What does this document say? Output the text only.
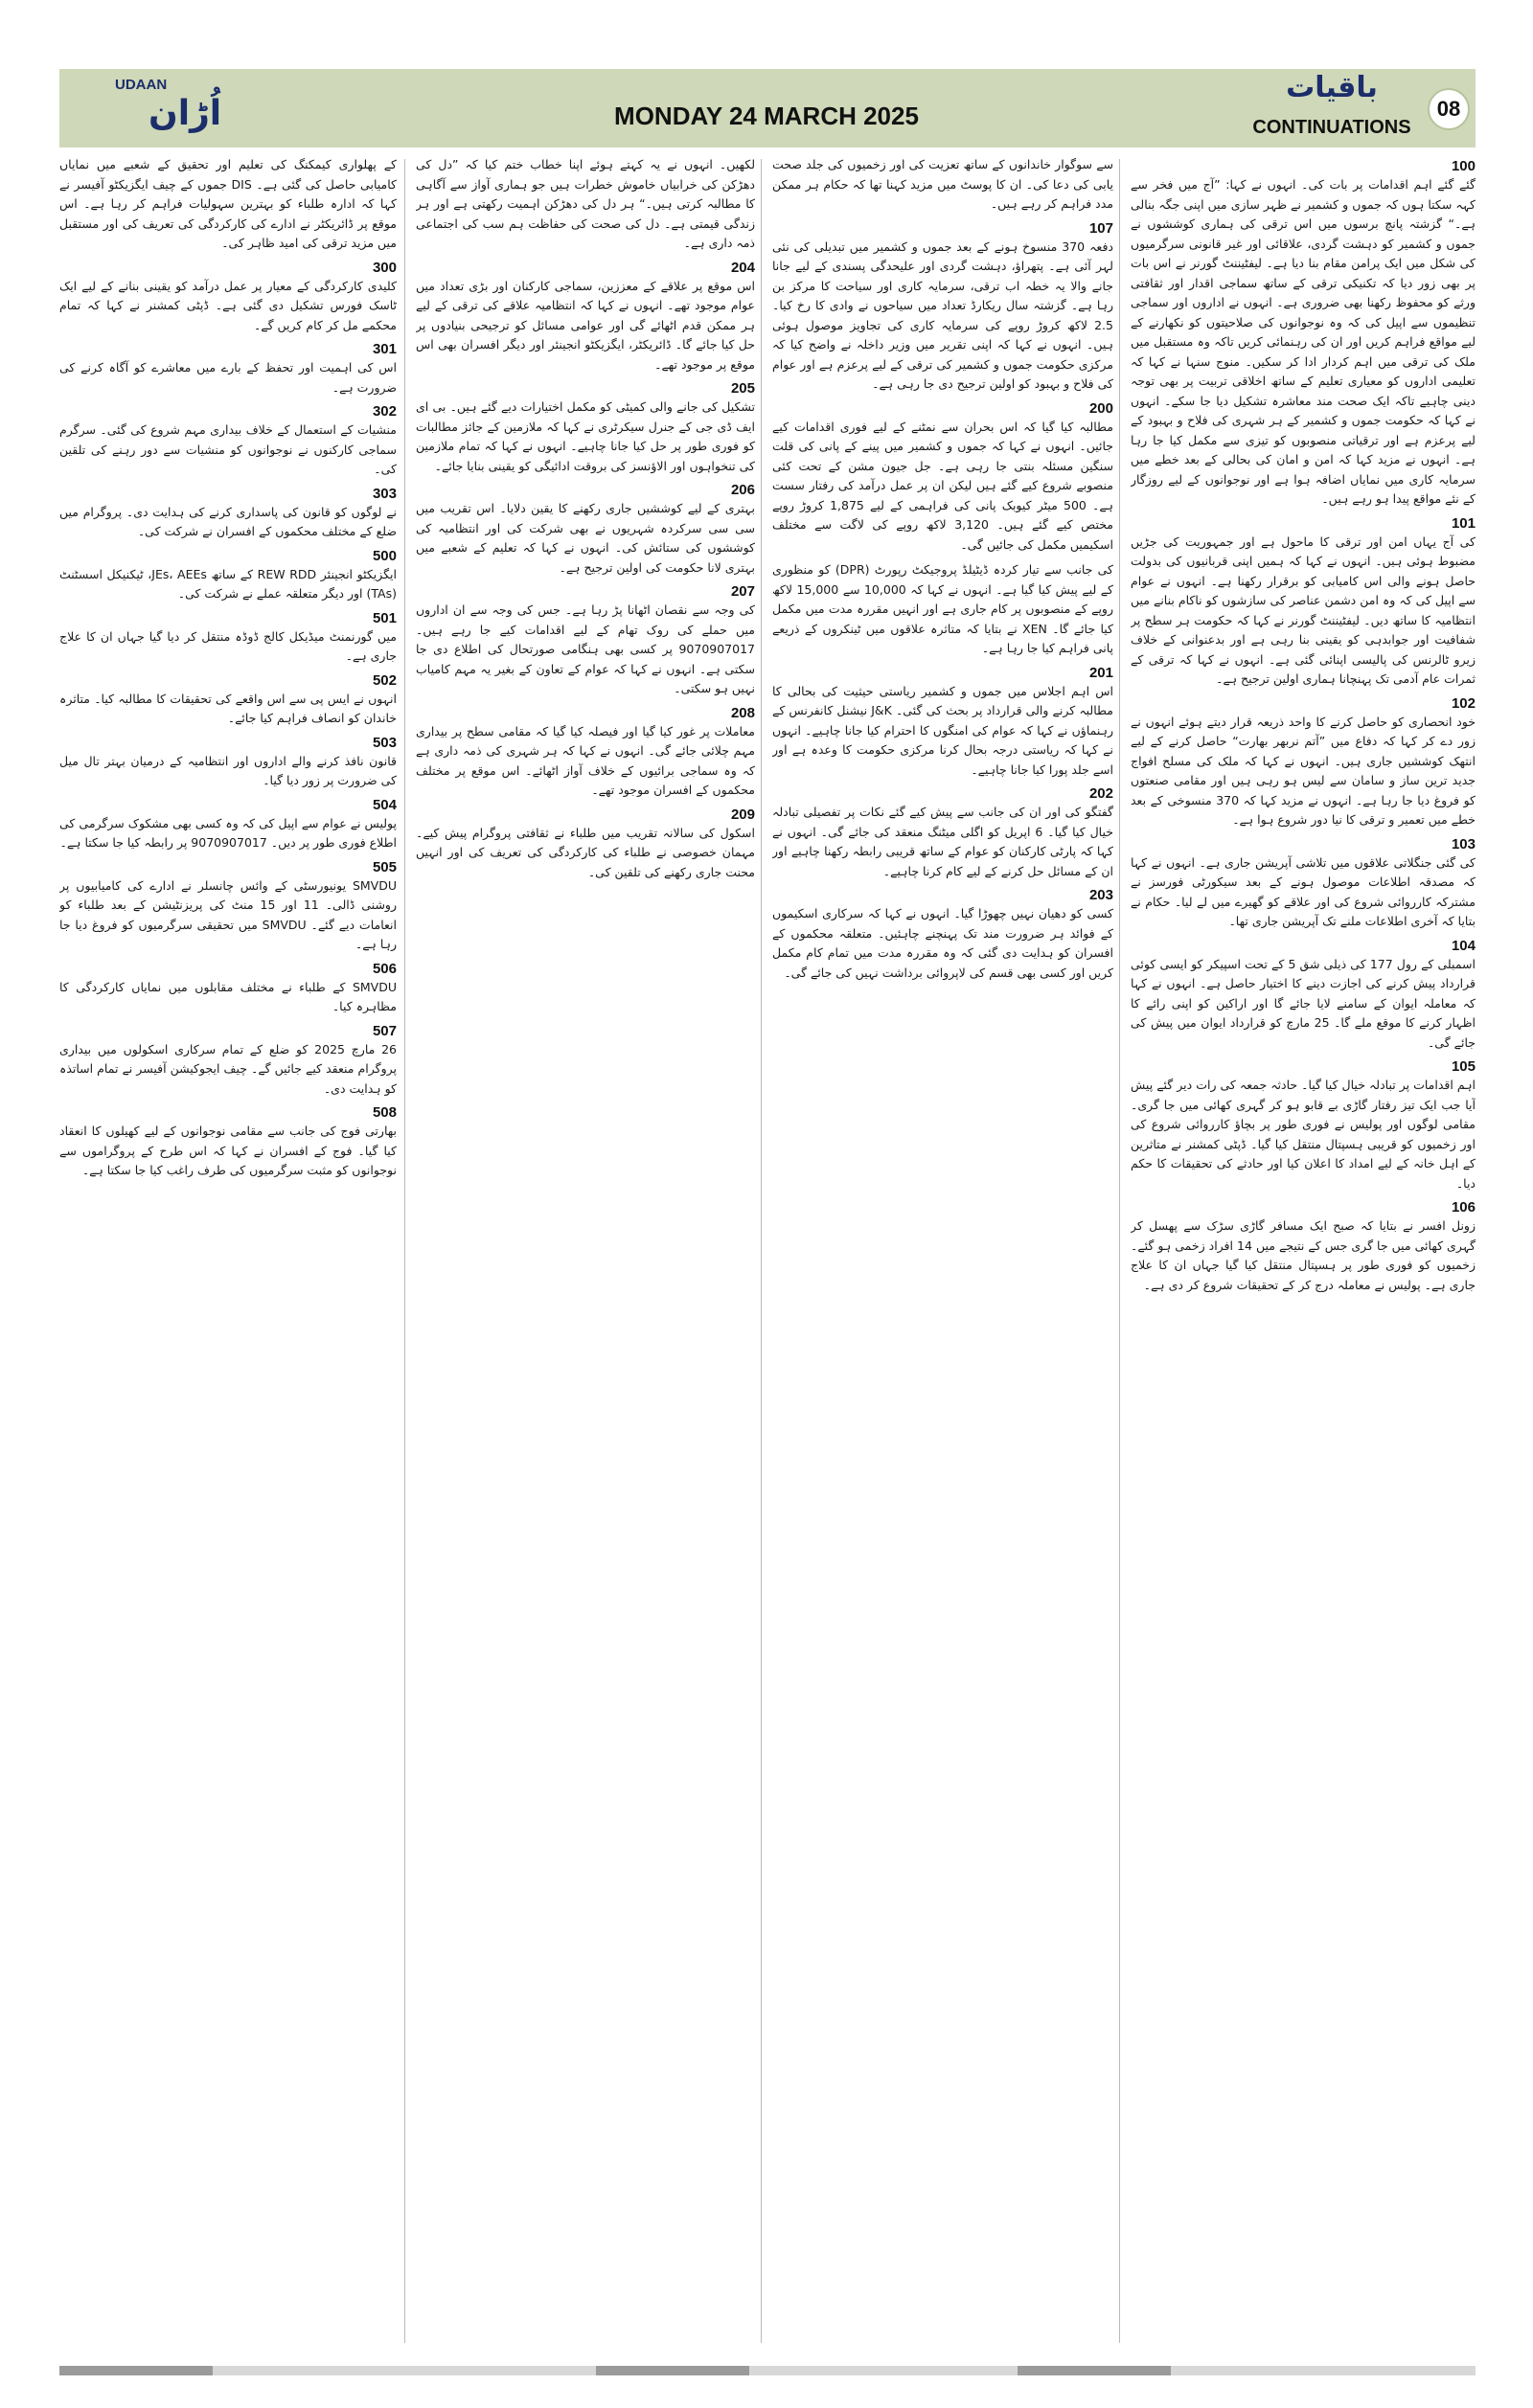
UDAAN
اُڑان	MONDAY 24 MARCH 2025
باقیات
CONTINUATIONS
08
100
گئے گئے اہم اقدامات پر بات کی۔ انہوں نے کہا: ”آج میں فخر سے کہہ سکتا ہوں کہ جموں و کشمیر نے ظہر سازی میں اپنی جگہ بنالی ہے۔“ گزشتہ پانچ برسوں میں اس ترقی کی ہماری کوششوں نے جموں و کشمیر کو دہشت گردی، علاقائی اور غیر قانونی سرگرمیوں کی شکل میں ایک پرامن مقام بنا دیا ہے۔ لیفٹیننٹ گورنر نے اس بات پر بھی زور دیا کہ تکنیکی ترقی کے ساتھ سماجی اقدار اور ثقافتی ورثے کو محفوظ رکھنا بھی ضروری ہے۔ انہوں نے اداروں اور سماجی تنظیموں سے اپیل کی کہ وہ نوجوانوں کی صلاحیتوں کو نکھارنے کے لیے مواقع فراہم کریں اور ان کی رہنمائی کریں تاکہ وہ مستقبل میں ملک کی ترقی میں اہم کردار ادا کر سکیں۔ منوج سنہا نے کہا کہ تعلیمی اداروں کو معیاری تعلیم کے ساتھ اخلاقی تربیت پر بھی توجہ دینی چاہیے تاکہ ایک صحت مند معاشرہ تشکیل دیا جا سکے۔ انہوں نے کہا کہ حکومت جموں و کشمیر کے ہر شہری کی فلاح و بہبود کے لیے پرعزم ہے اور ترقیاتی منصوبوں کو تیزی سے مکمل کیا جا رہا ہے۔ انہوں نے مزید کہا کہ امن و امان کی بحالی کے بعد خطے میں سرمایہ کاری میں نمایاں اضافہ ہوا ہے اور نوجوانوں کے لیے روزگار کے نئے مواقع پیدا ہو رہے ہیں۔
101
کی آج یہاں امن اور ترقی کا ماحول ہے اور جمہوریت کی جڑیں مضبوط ہوئی ہیں۔ انہوں نے کہا کہ ہمیں اپنی قربانیوں کی بدولت حاصل ہونے والی اس کامیابی کو برقرار رکھنا ہے۔ انہوں نے عوام سے اپیل کی کہ وہ امن دشمن عناصر کی سازشوں کو ناکام بنانے میں انتظامیہ کا ساتھ دیں۔ لیفٹیننٹ گورنر نے کہا کہ حکومت ہر سطح پر شفافیت اور جوابدہی کو یقینی بنا رہی ہے اور بدعنوانی کے خلاف زیرو ٹالرنس کی پالیسی اپنائی گئی ہے۔ انہوں نے کہا کہ ترقی کے ثمرات عام آدمی تک پہنچانا ہماری اولین ترجیح ہے۔
102
خود انحصاری کو حاصل کرنے کا واحد ذریعہ قرار دیتے ہوئے انہوں نے زور دے کر کہا کہ دفاع میں ”آتم نربھر بھارت“ حاصل کرنے کے لیے انتھک کوششیں جاری ہیں۔ انہوں نے کہا کہ ملک کی مسلح افواج جدید ترین ساز و سامان سے لیس ہو رہی ہیں اور مقامی صنعتوں کو فروغ دیا جا رہا ہے۔ انہوں نے مزید کہا کہ 370 منسوخی کے بعد خطے میں تعمیر و ترقی کا نیا دور شروع ہوا ہے۔
103
کی گئی جنگلاتی علاقوں میں تلاشی آپریشن جاری ہے۔ انہوں نے کہا کہ مصدقہ اطلاعات موصول ہونے کے بعد سیکورٹی فورسز نے مشترکہ کارروائی شروع کی اور علاقے کو گھیرے میں لے لیا۔ حکام نے بتایا کہ آخری اطلاعات ملنے تک آپریشن جاری تھا۔
104
اسمبلی کے رول 177 کی ذیلی شق 5 کے تحت اسپیکر کو ایسی کوئی قرارداد پیش کرنے کی اجازت دینے کا اختیار حاصل ہے۔ انہوں نے کہا کہ معاملہ ایوان کے سامنے لایا جائے گا اور اراکین کو اپنی رائے کا اظہار کرنے کا موقع ملے گا۔ 25 مارچ کو قرارداد ایوان میں پیش کی جائے گی۔
105
اہم اقدامات پر تبادلہ خیال کیا گیا۔ حادثہ جمعہ کی رات دیر گئے پیش آیا جب ایک تیز رفتار گاڑی بے قابو ہو کر گہری کھائی میں جا گری۔ مقامی لوگوں اور پولیس نے فوری طور پر بچاؤ کارروائی شروع کی اور زخمیوں کو قریبی ہسپتال منتقل کیا گیا۔ ڈپٹی کمشنر نے متاثرین کے اہل خانہ کے لیے امداد کا اعلان کیا اور حادثے کی تحقیقات کا حکم دیا۔
106
زونل افسر نے بتایا کہ صبح ایک مسافر گاڑی سڑک سے پھسل کر گہری کھائی میں جا گری جس کے نتیجے میں 14 افراد زخمی ہو گئے۔ زخمیوں کو فوری طور پر ہسپتال منتقل کیا گیا جہاں ان کا علاج جاری ہے۔ پولیس نے معاملہ درج کر کے تحقیقات شروع کر دی ہے۔
سے سوگوار خاندانوں کے ساتھ تعزیت کی اور زخمیوں کی جلد صحت یابی کی دعا کی۔ ان کا پوسٹ میں مزید کہنا تھا کہ حکام ہر ممکن مدد فراہم کر رہے ہیں۔
107
دفعہ 370 منسوخ ہونے کے بعد جموں و کشمیر میں تبدیلی کی نئی لہر آئی ہے۔ پتھراؤ، دہشت گردی اور علیحدگی پسندی کے لیے جانا جانے والا یہ خطہ اب ترقی، سرمایہ کاری اور سیاحت کا مرکز بن رہا ہے۔ گزشتہ سال ریکارڈ تعداد میں سیاحوں نے وادی کا رخ کیا۔ 2.5 لاکھ کروڑ روپے کی سرمایہ کاری کی تجاویز موصول ہوئی ہیں۔ انہوں نے کہا کہ اپنی تقریر میں وزیر داخلہ نے واضح کیا کہ مرکزی حکومت جموں و کشمیر کی ترقی کے لیے پرعزم ہے اور عوام کی فلاح و بہبود کو اولین ترجیح دی جا رہی ہے۔
200
مطالبہ کیا گیا کہ اس بحران سے نمٹنے کے لیے فوری اقدامات کیے جائیں۔ انہوں نے کہا کہ جموں و کشمیر میں پینے کے پانی کی قلت سنگین مسئلہ بنتی جا رہی ہے۔ جل جیون مشن کے تحت کئی منصوبے شروع کیے گئے ہیں لیکن ان پر عمل درآمد کی رفتار سست ہے۔ 500 میٹر کیوبک پانی کی فراہمی کے لیے 1,875 کروڑ روپے مختص کیے گئے ہیں۔ 3,120 لاکھ روپے کی لاگت سے مختلف اسکیمیں مکمل کی جائیں گی۔
کی جانب سے تیار کردہ ڈیٹیلڈ پروجیکٹ رپورٹ (DPR) کو منظوری کے لیے پیش کیا گیا ہے۔ انہوں نے کہا کہ 10,000 سے 15,000 لاکھ روپے کے منصوبوں پر کام جاری ہے اور انہیں مقررہ مدت میں مکمل کیا جائے گا۔ XEN نے بتایا کہ متاثرہ علاقوں میں ٹینکروں کے ذریعے پانی فراہم کیا جا رہا ہے۔
201
اس اہم اجلاس میں جموں و کشمیر ریاستی حیثیت کی بحالی کا مطالبہ کرنے والی قرارداد پر بحث کی گئی۔ J&K نیشنل کانفرنس کے رہنماؤں نے کہا کہ عوام کی امنگوں کا احترام کیا جانا چاہیے۔ انہوں نے کہا کہ ریاستی درجہ بحال کرنا مرکزی حکومت کا وعدہ ہے اور اسے جلد پورا کیا جانا چاہیے۔
202
گفتگو کی اور ان کی جانب سے پیش کیے گئے نکات پر تفصیلی تبادلہ خیال کیا گیا۔ 6 اپریل کو اگلی میٹنگ منعقد کی جائے گی۔ انہوں نے کہا کہ پارٹی کارکنان کو عوام کے ساتھ قریبی رابطہ رکھنا چاہیے اور ان کے مسائل حل کرنے کے لیے کام کرنا چاہیے۔
203
کسی کو دھیان نہیں چھوڑا گیا۔ انہوں نے کہا کہ سرکاری اسکیموں کے فوائد ہر ضرورت مند تک پہنچنے چاہئیں۔ متعلقہ محکموں کے افسران کو ہدایت دی گئی کہ وہ مقررہ مدت میں تمام کام مکمل کریں اور کسی بھی قسم کی لاپروائی برداشت نہیں کی جائے گی۔
لکھیں۔ انہوں نے یہ کہتے ہوئے اپنا خطاب ختم کیا کہ ”دل کی دھڑکن کی خرابیاں خاموش خطرات ہیں جو ہماری آواز سے آگاہی کا مطالبہ کرتی ہیں۔“ ہر دل کی دھڑکن اہمیت رکھتی ہے اور ہر زندگی قیمتی ہے۔ دل کی صحت کی حفاظت ہم سب کی اجتماعی ذمہ داری ہے۔
204
اس موقع پر علاقے کے معززین، سماجی کارکنان اور بڑی تعداد میں عوام موجود تھے۔ انہوں نے کہا کہ انتظامیہ علاقے کی ترقی کے لیے ہر ممکن قدم اٹھائے گی اور عوامی مسائل کو ترجیحی بنیادوں پر حل کیا جائے گا۔ ڈائریکٹر، ایگزیکٹو انجینئر اور دیگر افسران بھی اس موقع پر موجود تھے۔
205
تشکیل کی جانے والی کمیٹی کو مکمل اختیارات دیے گئے ہیں۔ بی ای ایف ڈی جی کے جنرل سیکرٹری نے کہا کہ ملازمین کے جائز مطالبات کو فوری طور پر حل کیا جانا چاہیے۔ انہوں نے کہا کہ تمام ملازمین کی تنخواہوں اور الاؤنسز کی بروقت ادائیگی کو یقینی بنایا جائے۔
206
بہتری کے لیے کوششیں جاری رکھنے کا یقین دلایا۔ اس تقریب میں سی سی سرکردہ شہریوں نے بھی شرکت کی اور انتظامیہ کی کوششوں کی ستائش کی۔ انہوں نے کہا کہ تعلیم کے شعبے میں بہتری لانا حکومت کی اولین ترجیح ہے۔
207
کی وجہ سے نقصان اٹھانا پڑ رہا ہے۔ جس کی وجہ سے ان اداروں میں حملے کی روک تھام کے لیے اقدامات کیے جا رہے ہیں۔ 9070907017 پر کسی بھی ہنگامی صورتحال کی اطلاع دی جا سکتی ہے۔ انہوں نے کہا کہ عوام کے تعاون کے بغیر یہ مہم کامیاب نہیں ہو سکتی۔
208
معاملات پر غور کیا گیا اور فیصلہ کیا گیا کہ مقامی سطح پر بیداری مہم چلائی جائے گی۔ انہوں نے کہا کہ ہر شہری کی ذمہ داری ہے کہ وہ سماجی برائیوں کے خلاف آواز اٹھائے۔ اس موقع پر مختلف محکموں کے افسران موجود تھے۔
209
اسکول کی سالانہ تقریب میں طلباء نے ثقافتی پروگرام پیش کیے۔ مہمان خصوصی نے طلباء کی کارکردگی کی تعریف کی اور انہیں محنت جاری رکھنے کی تلقین کی۔
کے پھلواری کیمکنگ کی تعلیم اور تحقیق کے شعبے میں نمایاں کامیابی حاصل کی گئی ہے۔ DIS جموں کے چیف ایگزیکٹو آفیسر نے کہا کہ ادارہ طلباء کو بہترین سہولیات فراہم کر رہا ہے۔ اس موقع پر ڈائریکٹر نے ادارے کی کارکردگی کی تعریف کی اور مستقبل میں مزید ترقی کی امید ظاہر کی۔
300
کلیدی کارکردگی کے معیار پر عمل درآمد کو یقینی بنانے کے لیے ایک ٹاسک فورس تشکیل دی گئی ہے۔ ڈپٹی کمشنر نے کہا کہ تمام محکمے مل کر کام کریں گے۔
301
اس کی اہمیت اور تحفظ کے بارے میں معاشرے کو آگاہ کرنے کی ضرورت ہے۔
302
منشیات کے استعمال کے خلاف بیداری مہم شروع کی گئی۔ سرگرم سماجی کارکنوں نے نوجوانوں کو منشیات سے دور رہنے کی تلقین کی۔
303
نے لوگوں کو قانون کی پاسداری کرنے کی ہدایت دی۔ پروگرام میں ضلع کے مختلف محکموں کے افسران نے شرکت کی۔
500
ایگزیکٹو انجینئر REW RDD کے ساتھ JEs، AEEs، ٹیکنیکل اسسٹنٹ (TAs) اور دیگر متعلقہ عملے نے شرکت کی۔
501
میں گورنمنٹ میڈیکل کالج ڈوڈہ منتقل کر دیا گیا جہاں ان کا علاج جاری ہے۔
502
انہوں نے ایس پی سے اس واقعے کی تحقیقات کا مطالبہ کیا۔ متاثرہ خاندان کو انصاف فراہم کیا جائے۔
503
قانون نافذ کرنے والے اداروں اور انتظامیہ کے درمیان بہتر تال میل کی ضرورت پر زور دیا گیا۔
504
پولیس نے عوام سے اپیل کی کہ وہ کسی بھی مشکوک سرگرمی کی اطلاع فوری طور پر دیں۔ 9070907017 پر رابطہ کیا جا سکتا ہے۔
505
SMVDU یونیورسٹی کے وائس چانسلر نے ادارے کی کامیابیوں پر روشنی ڈالی۔ 11 اور 15 منٹ کی پریزنٹیشن کے بعد طلباء کو انعامات دیے گئے۔ SMVDU میں تحقیقی سرگرمیوں کو فروغ دیا جا رہا ہے۔
506
SMVDU کے طلباء نے مختلف مقابلوں میں نمایاں کارکردگی کا مظاہرہ کیا۔
507
26 مارچ 2025 کو ضلع کے تمام سرکاری اسکولوں میں بیداری پروگرام منعقد کیے جائیں گے۔ چیف ایجوکیشن آفیسر نے تمام اساتذہ کو ہدایت دی۔
508
بھارتی فوج کی جانب سے مقامی نوجوانوں کے لیے کھیلوں کا انعقاد کیا گیا۔ فوج کے افسران نے کہا کہ اس طرح کے پروگراموں سے نوجوانوں کو مثبت سرگرمیوں کی طرف راغب کیا جا سکتا ہے۔
